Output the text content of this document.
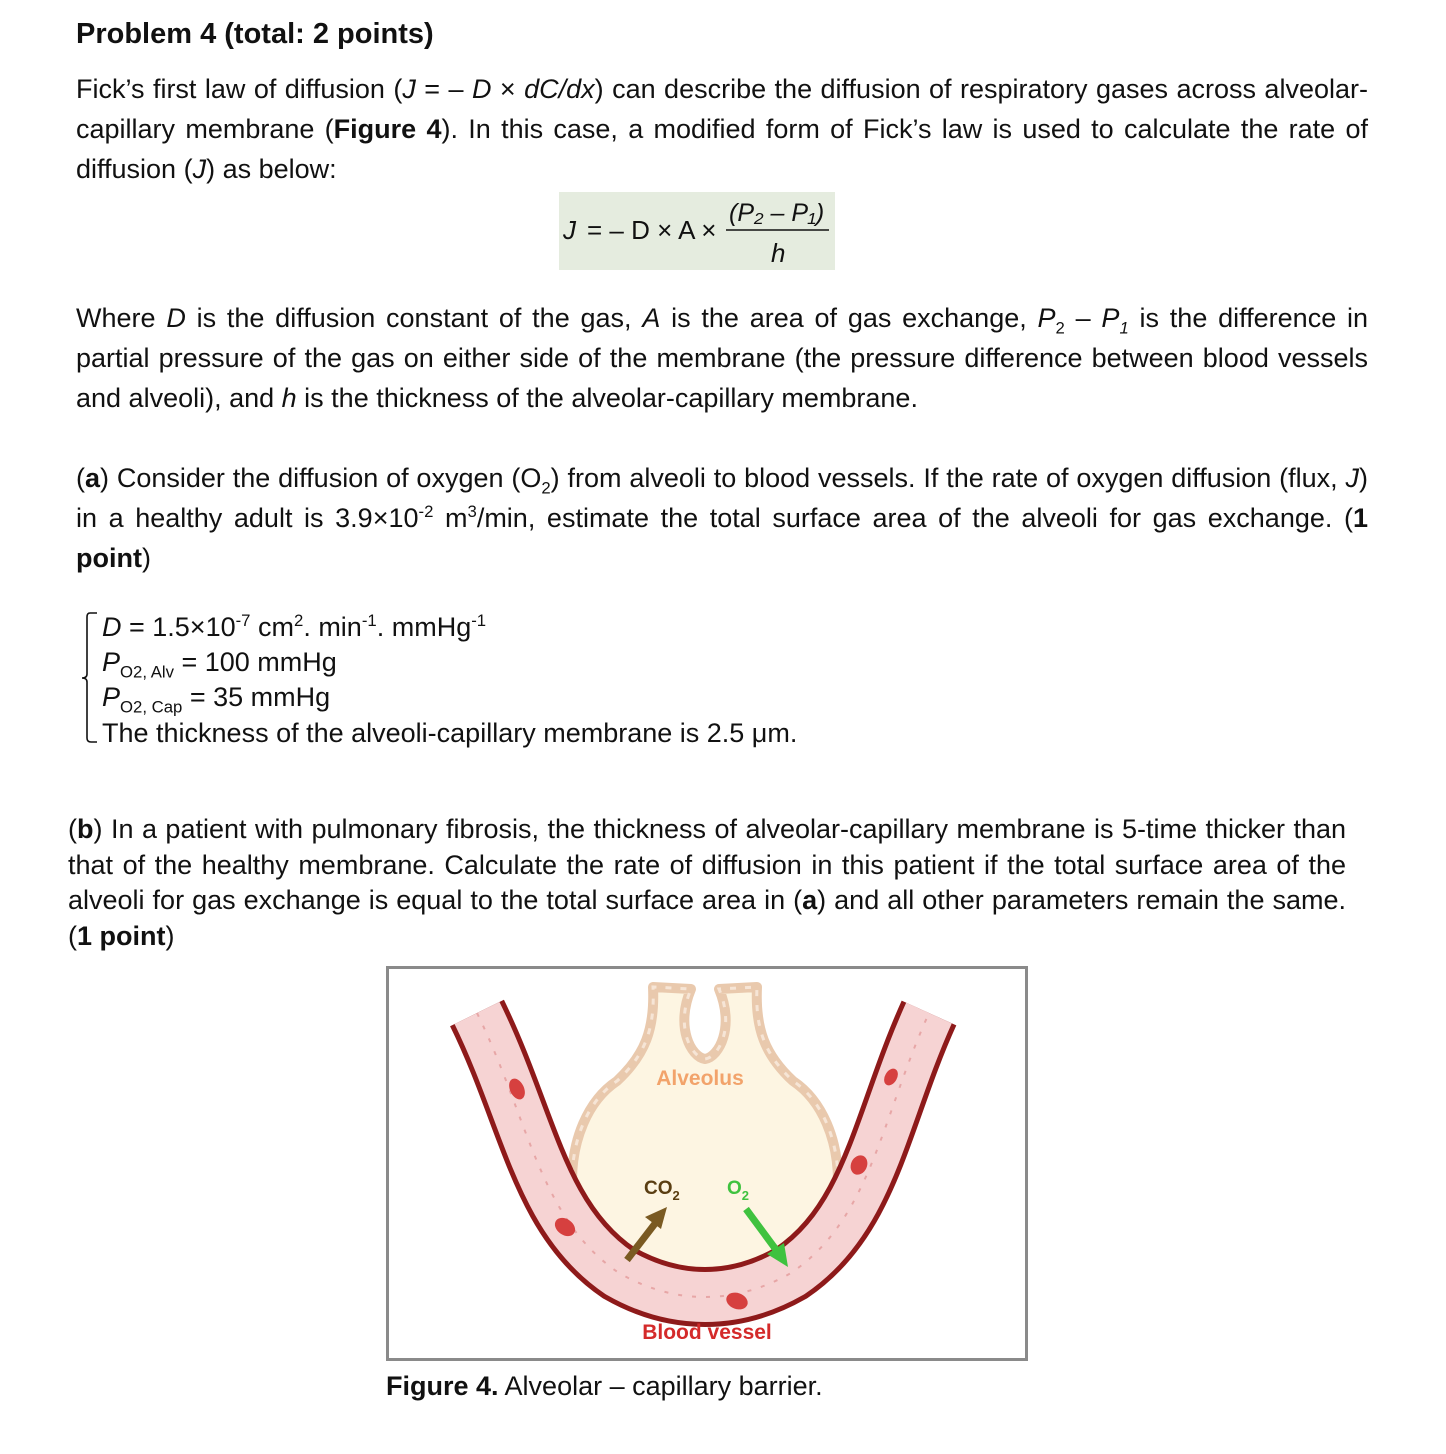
Problem 4 (total: 2 points)
Fick’s first law of diffusion (J = – D × dC/dx) can describe the diffusion of respiratory gases across alveolar-capillary membrane (Figure 4). In this case, a modified form of Fick’s law is used to calculate the rate of diffusion (J) as below:
J = – D × A ×
(P₂ – P₁)
h
Where D is the diffusion constant of the gas, A is the area of gas exchange, $P_2 - P_1$ is the difference in partial pressure of the gas on either side of the membrane (the pressure difference between blood vessels and alveoli), and h is the thickness of the alveolar-capillary membrane.
(a) Consider the diffusion of oxygen $(O_2)$ from alveoli to blood vessels. If the rate of oxygen diffusion (flux, J) in a healthy adult is $3.9\times 10^{-2}$ $m^3/\min$, estimate the total surface area of the alveoli for gas exchange. (1 point)
$D = 1.5\times 10^{-7}$ $cm^2$. $\min^{-1}$. mmHg$^{-1}$
$P_{O2, Alv} = 100$ mmHg
$P_{O2, Cap} = 35$ mmHg
The thickness of the alveoli-capillary membrane is 2.5 μm.
(b) In a patient with pulmonary fibrosis, the thickness of alveolar-capillary membrane is 5-time thicker than that of the healthy membrane. Calculate the rate of diffusion in this patient if the total surface area of the alveoli for gas exchange is equal to the total surface area in (a) and all other parameters remain the same. (1 point)
Alveolus
$CO_2$ $O_2$
Blood vessel
Figure 4. Alveolar – capillary barrier.
